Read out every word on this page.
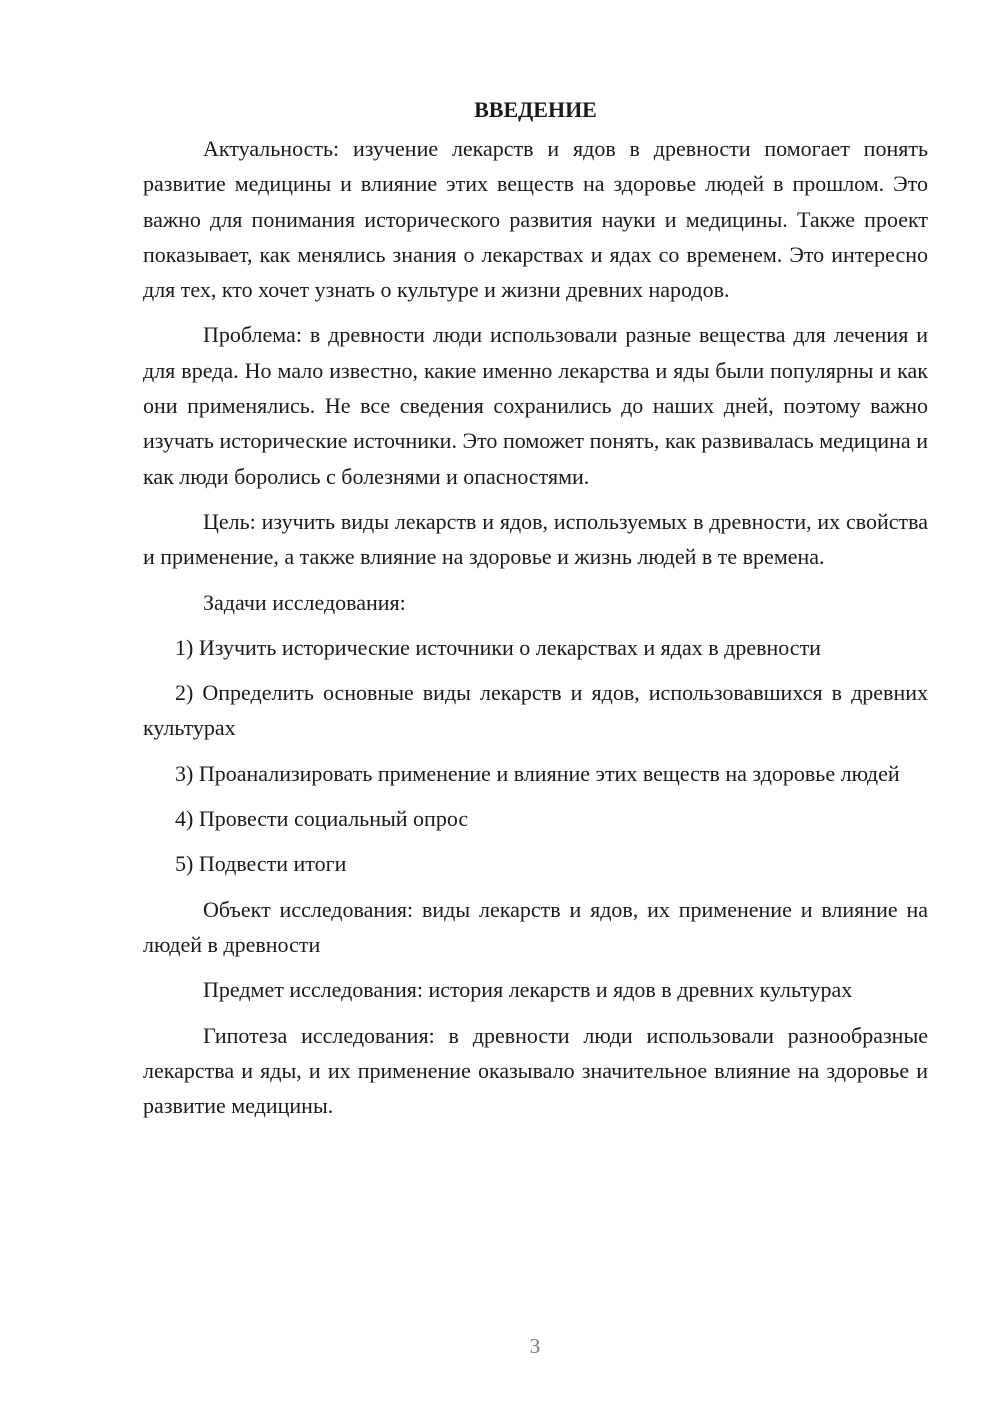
ВВЕДЕНИЕ

Актуальность: изучение лекарств и ядов в древности помогает понять развитие медицины и влияние этих веществ на здоровье людей в прошлом. Это важно для понимания исторического развития науки и медицины. Также проект показывает, как менялись знания о лекарствах и ядах со временем. Это интересно для тех, кто хочет узнать о культуре и жизни древних народов.

Проблема: в древности люди использовали разные вещества для лечения и для вреда. Но мало известно, какие именно лекарства и яды были популярны и как они применялись. Не все сведения сохранились до наших дней, поэтому важно изучать исторические источники. Это поможет понять, как развивалась медицина и как люди боролись с болезнями и опасностями.

Цель: изучить виды лекарств и ядов, используемых в древности, их свойства и применение, а также влияние на здоровье и жизнь людей в те времена.

Задачи исследования:

1) Изучить исторические источники о лекарствах и ядах в древности

2) Определить основные виды лекарств и ядов, использовавшихся в древних культурах

3) Проанализировать применение и влияние этих веществ на здоровье людей

4) Провести социальный опрос

5) Подвести итоги

Объект исследования: виды лекарств и ядов, их применение и влияние на людей в древности

Предмет исследования: история лекарств и ядов в древних культурах

Гипотеза исследования: в древности люди использовали разнообразные лекарства и яды, и их применение оказывало значительное влияние на здоровье и развитие медицины.

3
